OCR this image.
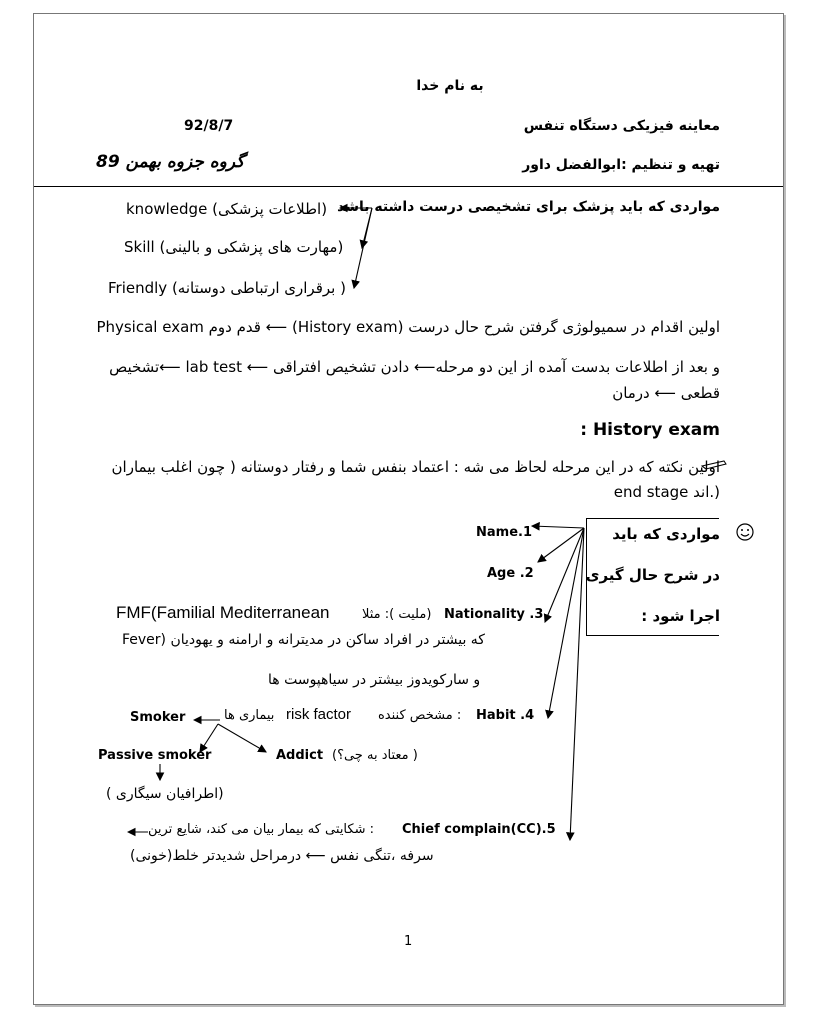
به نام خدا
معاینه فیزیکی دستگاه تنفس
92/8/7
تهیه و تنظیم :ابوالفضل داور
گروه جزوه بهمن 89
مواردی که باید پزشک برای تشخیصی درست داشته باشد
knowledge (اطلاعات پزشکی)
Skill (مهارت های پزشکی و بالینی)
Friendly (برقراری ارتباطی دوستانه )
اولین اقدام در سمیولوژی گرفتن شرح حال درست (History exam) ⟵ قدم دوم Physical exam
و بعد از اطلاعات بدست آمده از این دو مرحله⟵ دادن تشخیص افتراقی ⟵ lab test ⟵تشخیص
قطعی ⟵ درمان
: History exam
اولین نکته که در این مرحله لحاظ می شه : اعتماد بنفس شما و رفتار دوستانه ( چون اغلب بیماران
end stage اند.)
مواردی که باید
در شرح حال گیری
اجرا شود :
Name.1
Age .2
Nationality .3
(ملیت ): مثلا
FMF(Familial Mediterranean
Fever) که بیشتر در افراد ساکن در مدیترانه و ارامنه و یهودیان
و سارکویدوز بیشتر در سیاهپوست ها
Habit .4
: مشخص کننده
risk factor
بیماری ها
Smoker
Addict ( معتاد به چی؟)
Passive smoker
(اطرافیان سیگاری )
Chief complain(CC).5
: شکایتی که بیمار بیان می کند، شایع ترین
سرفه ،تنگی نفس ⟵ درمراحل شدیدتر خلط(خونی)
1
